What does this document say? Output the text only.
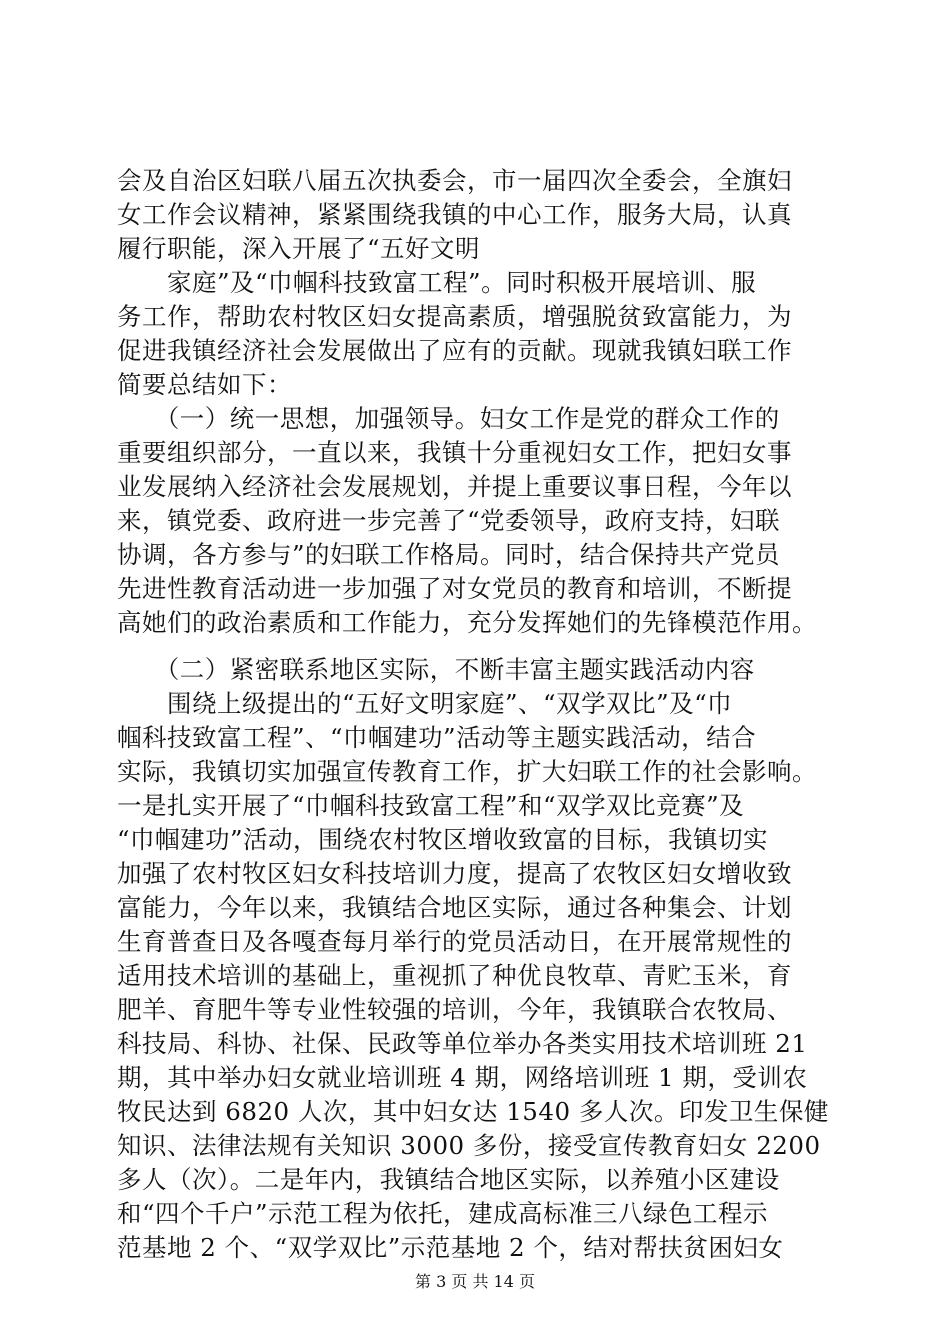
会及自治区妇联八届五次执委会，市一届四次全委会，全旗妇
女工作会议精神，紧紧围绕我镇的中心工作，服务大局，认真
履行职能，深入开展了“五好文明
　　家庭”及“巾帼科技致富工程”。同时积极开展培训、服
务工作，帮助农村牧区妇女提高素质，增强脱贫致富能力，为
促进我镇经济社会发展做出了应有的贡献。现就我镇妇联工作
简要总结如下：
　　（一）统一思想，加强领导。妇女工作是党的群众工作的
重要组织部分，一直以来，我镇十分重视妇女工作，把妇女事
业发展纳入经济社会发展规划，并提上重要议事日程，今年以
来，镇党委、政府进一步完善了“党委领导，政府支持，妇联
协调，各方参与”的妇联工作格局。同时，结合保持共产党员
先进性教育活动进一步加强了对女党员的教育和培训，不断提
高她们的政治素质和工作能力，充分发挥她们的先锋模范作用。
　　（二）紧密联系地区实际，不断丰富主题实践活动内容
　　围绕上级提出的“五好文明家庭”、“双学双比”及“巾
帼科技致富工程”、“巾帼建功”活动等主题实践活动，结合
实际，我镇切实加强宣传教育工作，扩大妇联工作的社会影响。
一是扎实开展了“巾帼科技致富工程”和“双学双比竞赛”及
“巾帼建功”活动，围绕农村牧区增收致富的目标，我镇切实
加强了农村牧区妇女科技培训力度，提高了农牧区妇女增收致
富能力，今年以来，我镇结合地区实际，通过各种集会、计划
生育普查日及各嘎查每月举行的党员活动日，在开展常规性的
适用技术培训的基础上，重视抓了种优良牧草、青贮玉米，育
肥羊、育肥牛等专业性较强的培训，今年，我镇联合农牧局、
科技局、科协、社保、民政等单位举办各类实用技术培训班 21
期，其中举办妇女就业培训班 4 期，网络培训班 1 期，受训农
牧民达到 6820 人次，其中妇女达 1540 多人次。印发卫生保健
知识、法律法规有关知识 3000 多份，接受宣传教育妇女 2200
多人（次）。二是年内，我镇结合地区实际，以养殖小区建设
和“四个千户”示范工程为依托，建成高标准三八绿色工程示
范基地 2 个、“双学双比”示范基地 2 个，结对帮扶贫困妇女
第 3 页 共 14 页
